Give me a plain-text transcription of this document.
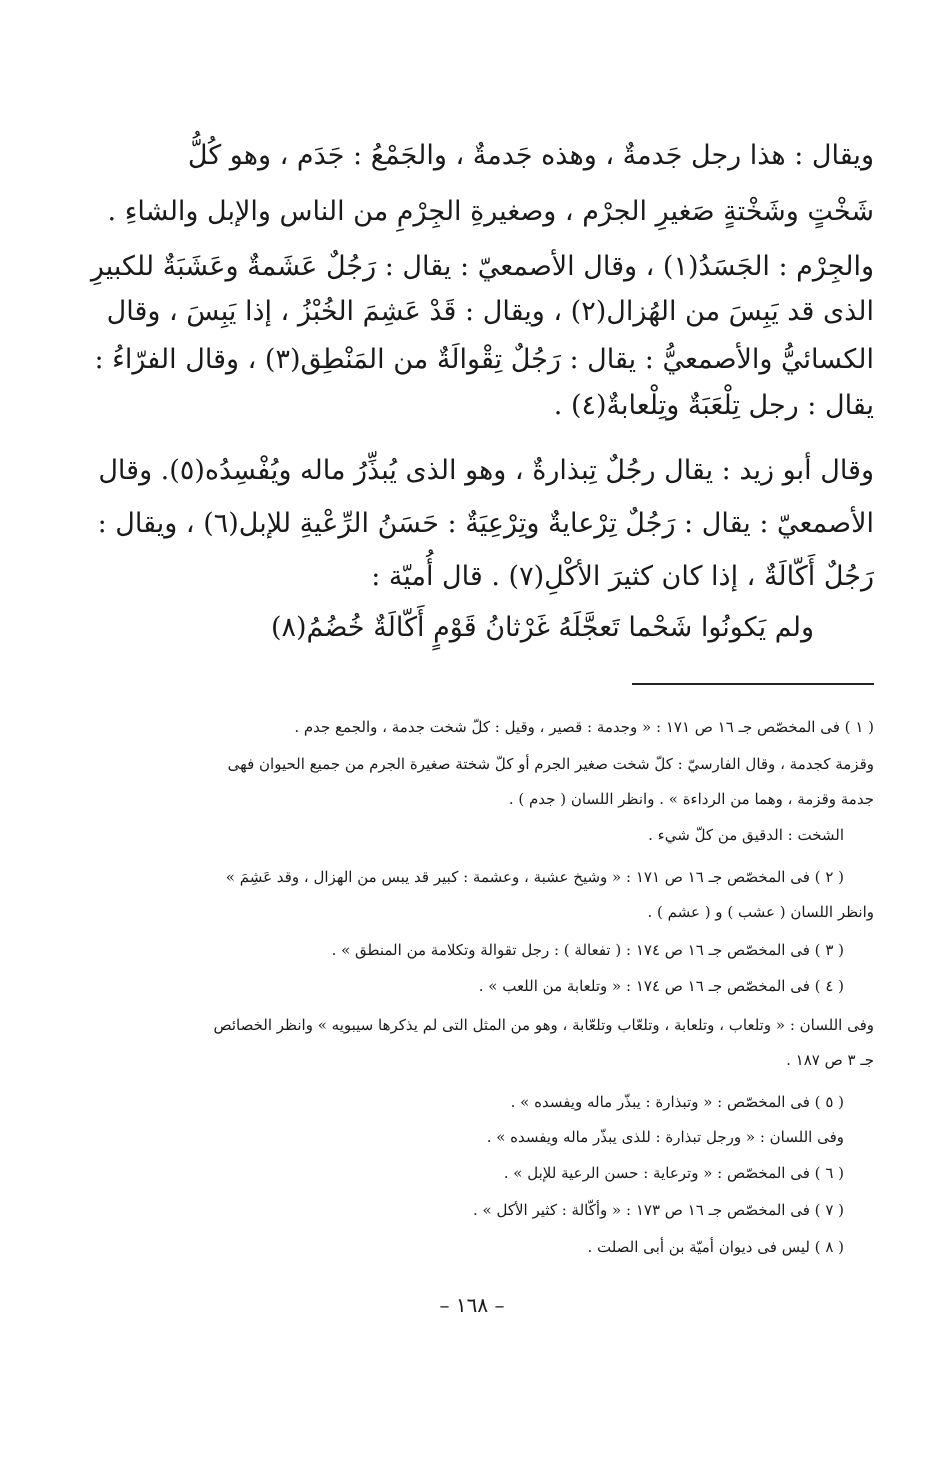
ويقال : هذا رجل جَدمةٌ ، وهذه جَدمةٌ ، والجَمْعُ : جَدَم ، وهو كُلُّ
شَخْتٍ وشَخْتةٍ صَغيرِ الجرْم ، وصغيرةِ الجِرْمِ من الناس والإبل والشاءِ .
والجِرْم : الجَسَدُ(١) ، وقال الأصمعيّ : يقال : رَجُلٌ عَشَمةٌ وعَشَبَةٌ للكبيرِ
الذى قد يَبِسَ من الهُزال(٢) ، ويقال : قَدْ عَشِمَ الخُبْزُ ، إذا يَبِسَ ، وقال
الكسائيُّ والأصمعيُّ : يقال : رَجُلٌ تِقْوالَةٌ من المَنْطِق(٣) ، وقال الفرّاءُ :
يقال : رجل تِلْعَبَةٌ وتِلْعابةٌ(٤) .
وقال أبو زيد : يقال رجُلٌ تِبذارةٌ ، وهو الذى يُبذِّرُ ماله ويُفْسِدُه(٥). وقال
الأصمعيّ : يقال : رَجُلٌ تِرْعايةٌ وتِرْعِيَةٌ : حَسَنُ الرِّعْيةِ للإبل(٦) ، ويقال :
رَجُلٌ أَكّالَةٌ ، إذا كان كثيرَ الأكْلِ(٧) . قال أُميّة :
ولم يَكونُوا شَحْما تَعجَّلَهُ غَرْثانُ قَوْمٍ أَكّالَةٌ خُضُمُ(٨)
( ١ ) فى المخصّص جـ ١٦ ص ١٧١ : « وجدمة : قصير ، وقيل : كلّ شخت جدمة ، والجمع جدم .
وقزمة كجدمة ، وقال الفارسيّ : كلّ شخت صغير الجرم أو كلّ شختة صغيرة الجرم من جميع الحيوان فهى
جدمة وقزمة ، وهما من الرداءة » . وانظر اللسان ( جدم ) .
الشخت : الدقيق من كلّ شيء .
( ٢ ) فى المخصّص جـ ١٦ ص ١٧١ : « وشيخ عشبة ، وعشمة : كبير قد يبس من الهزال ، وقد عَشِمَ »
وانظر اللسان ( عشب ) و ( عشم ) .
( ٣ ) فى المخصّص جـ ١٦ ص ١٧٤ : ( تفعالة ) : رجل تقوالة وتكلامة من المنطق » .
( ٤ ) فى المخصّص جـ ١٦ ص ١٧٤ : « وتلعابة من اللعب » .
وفى اللسان : « وتلعاب ، وتلعابة ، وتلعّاب وتلعّابة ، وهو من المثل التى لم يذكرها سيبويه » وانظر الخصائص
جـ ٣ ص ١٨٧ .
( ٥ ) فى المخصّص : « وتبذارة : يبذّر ماله ويفسده » .
وفى اللسان : « ورجل تبذارة : للذى يبذّر ماله ويفسده » .
( ٦ ) فى المخصّص : « وترعاية : حسن الرعية للإبل » .
( ٧ ) فى المخصّص جـ ١٦ ص ١٧٣ : « وأكّالة : كثير الأكل » .
( ٨ ) ليس فى ديوان أميّة بن أبى الصلت .
– ١٦٨ –
